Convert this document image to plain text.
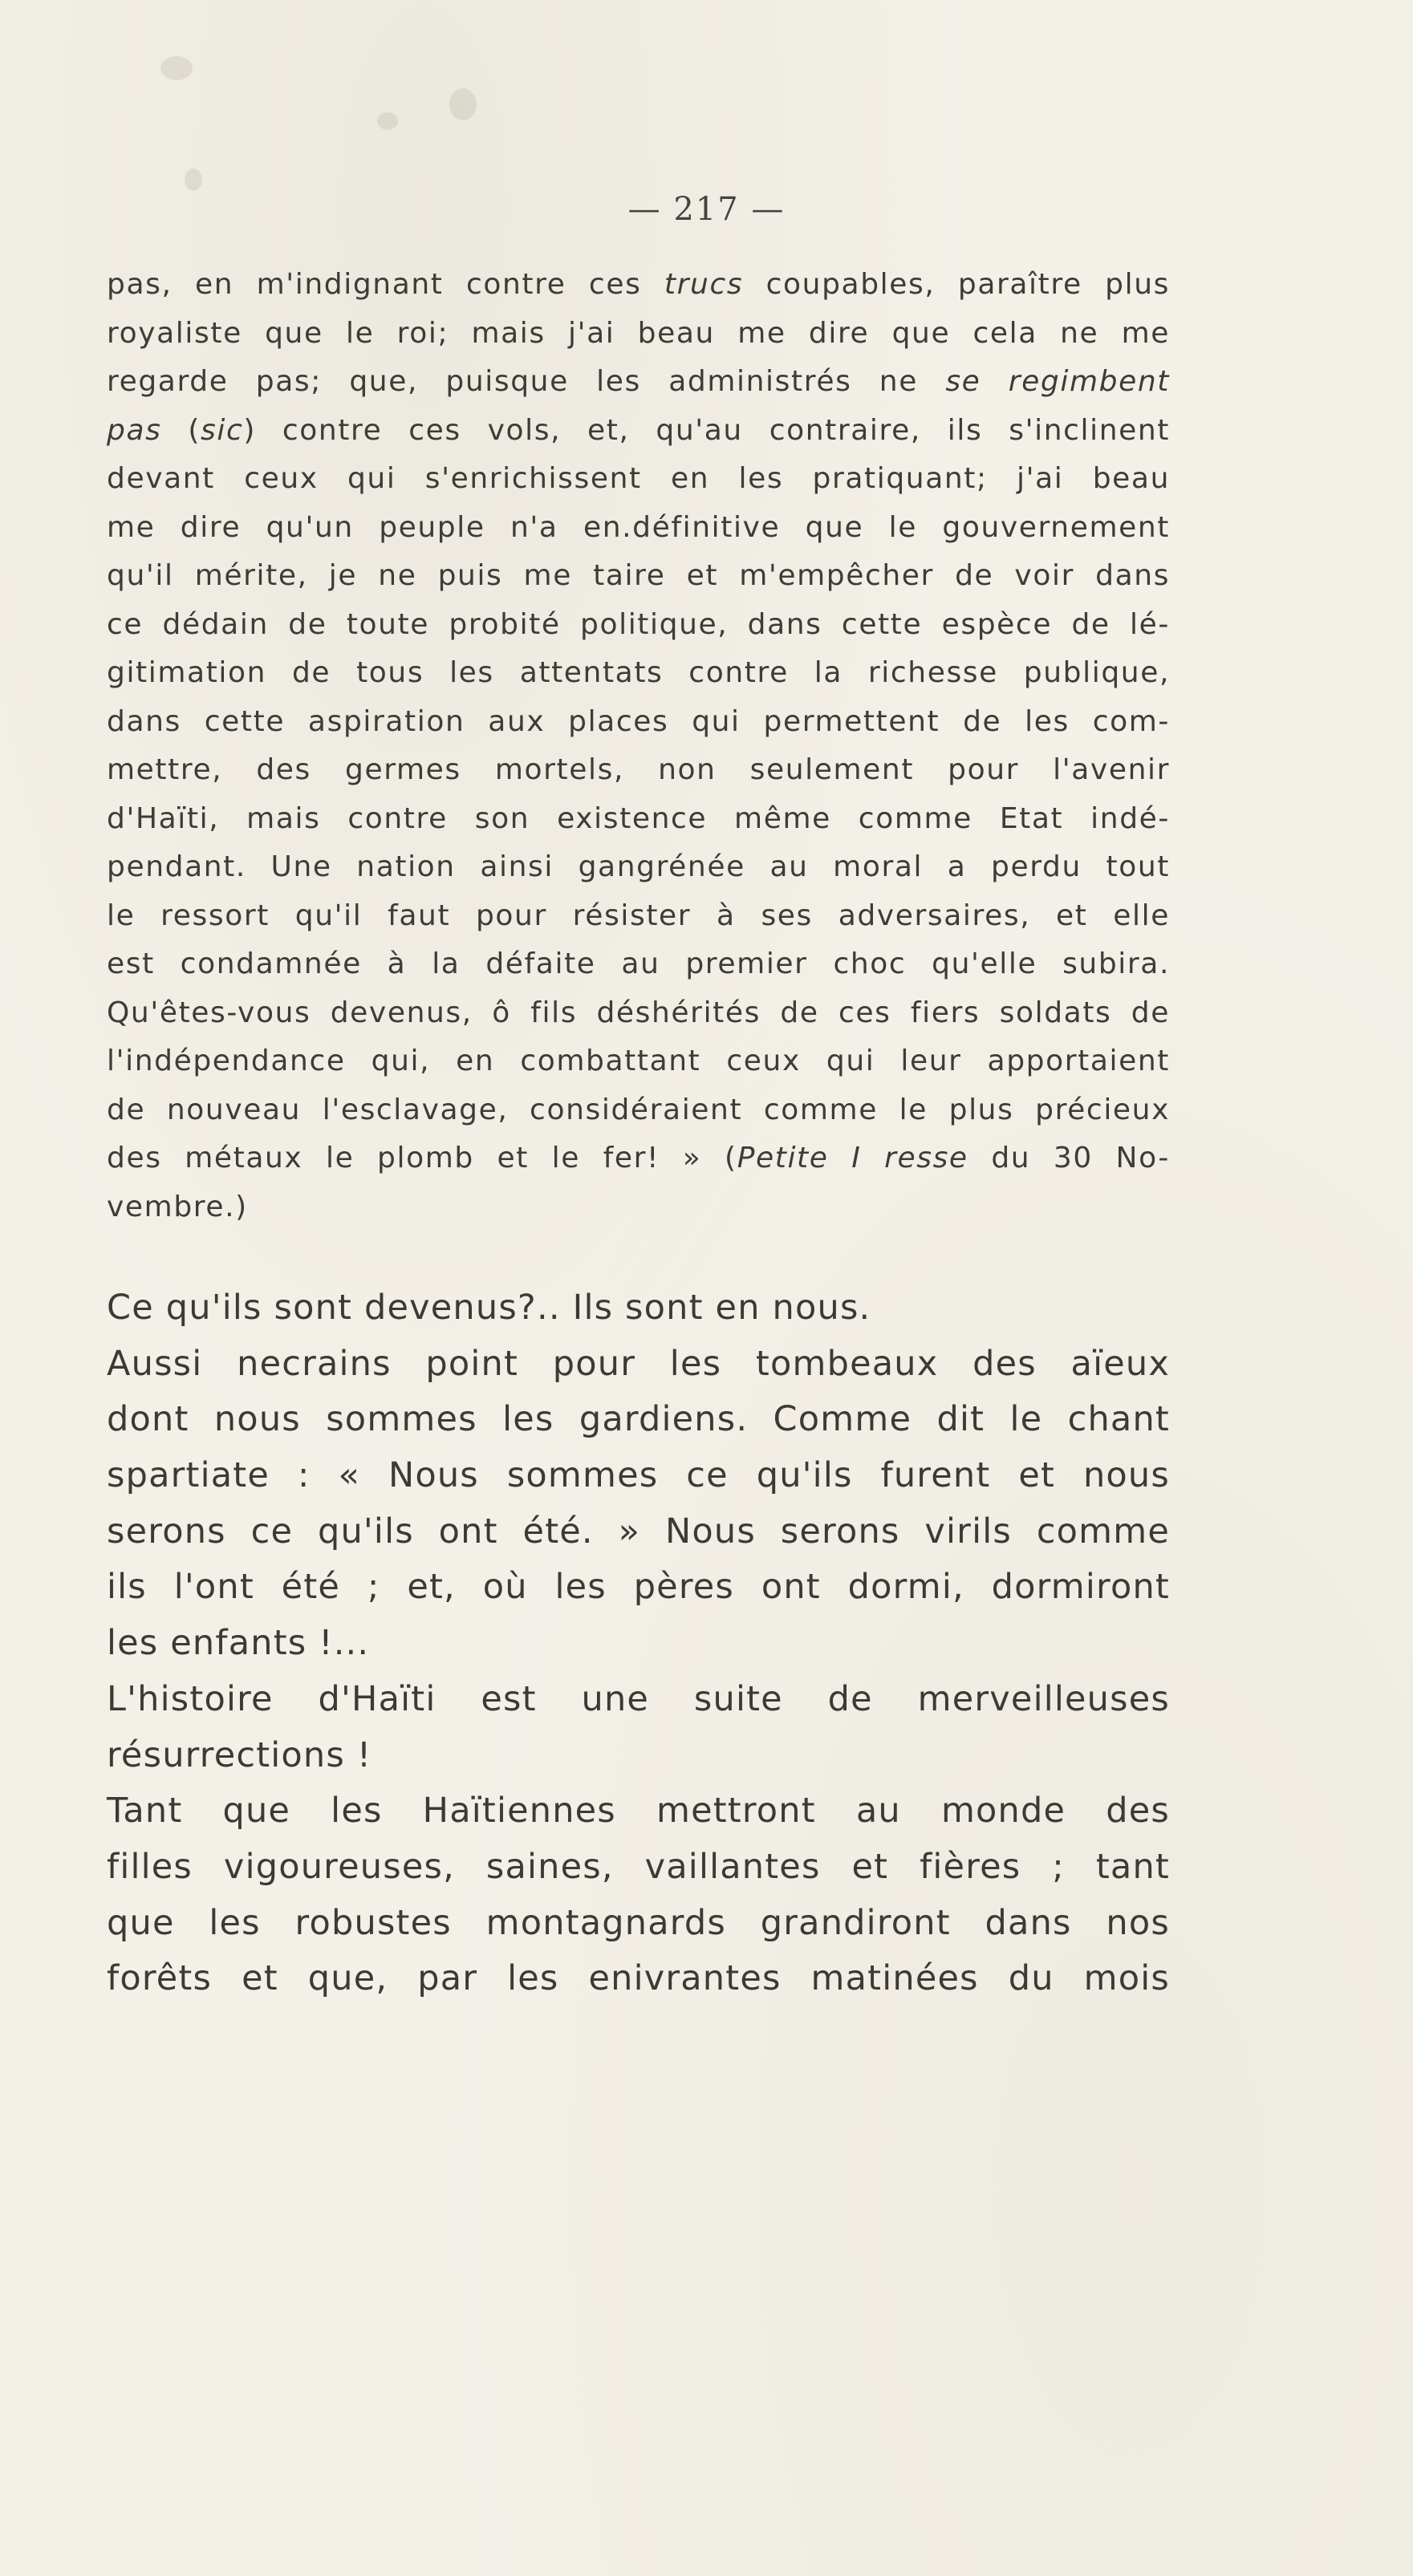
— 217 —
pas, en m'indignant contre ces trucs coupables, paraître plus
royaliste que le roi; mais j'ai beau me dire que cela ne me
regarde pas; que, puisque les administrés ne se regimbent
pas (sic) contre ces vols, et, qu'au contraire, ils s'inclinent
devant ceux qui s'enrichissent en les pratiquant; j'ai beau
me dire qu'un peuple n'a en.définitive que le gouvernement
qu'il mérite, je ne puis me taire et m'empêcher de voir dans
ce dédain de toute probité politique, dans cette espèce de lé-
gitimation de tous les attentats contre la richesse publique,
dans cette aspiration aux places qui permettent de les com-
mettre, des germes mortels, non seulement pour l'avenir
d'Haïti, mais contre son existence même comme Etat indé-
pendant. Une nation ainsi gangrénée au moral a perdu tout
le ressort qu'il faut pour résister à ses adversaires, et elle
est condamnée à la défaite au premier choc qu'elle subira.
Qu'êtes-vous devenus, ô fils déshérités de ces fiers soldats de
l'indépendance qui, en combattant ceux qui leur apportaient
de nouveau l'esclavage, considéraient comme le plus précieux
des métaux le plomb et le fer! » (Petite I resse du 30 No-
vembre.)
Ce qu'ils sont devenus?.. Ils sont en nous.
Aussi necrains point pour les tombeaux des aïeux
dont nous sommes les gardiens. Comme dit le chant
spartiate : « Nous sommes ce qu'ils furent et nous
serons ce qu'ils ont été. » Nous serons virils comme
ils l'ont été ; et, où les pères ont dormi, dormiront
les enfants !...
L'histoire d'Haïti est une suite de merveilleuses
résurrections !
Tant que les Haïtiennes mettront au monde des
filles vigoureuses, saines, vaillantes et fières ; tant
que les robustes montagnards grandiront dans nos
forêts et que, par les enivrantes matinées du mois
